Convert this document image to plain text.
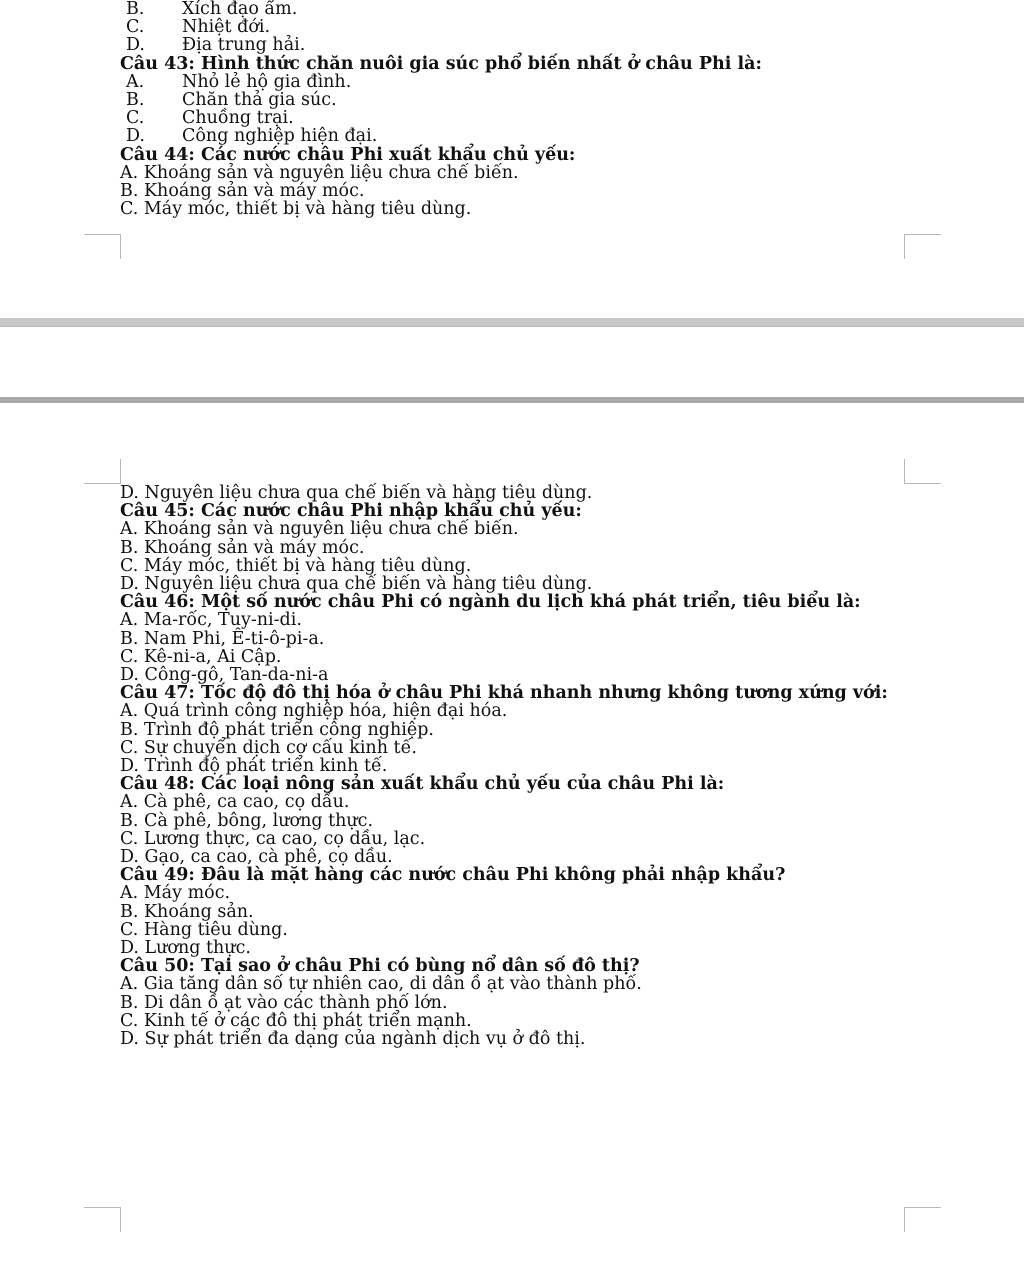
B. Xích đạo ẩm.
C. Nhiệt đới.
D. Địa trung hải.
Câu 43: Hình thức chăn nuôi gia súc phổ biến nhất ở châu Phi là:
A. Nhỏ lẻ hộ gia đình.
B. Chăn thả gia súc.
C. Chuồng trại.
D. Công nghiệp hiện đại.
Câu 44: Các nước châu Phi xuất khẩu chủ yếu:
A. Khoáng sản và nguyên liệu chưa chế biến.
B. Khoáng sản và máy móc.
C. Máy móc, thiết bị và hàng tiêu dùng.
D. Nguyên liệu chưa qua chế biến và hàng tiêu dùng.
Câu 45: Các nước châu Phi nhập khẩu chủ yếu:
A. Khoáng sản và nguyên liệu chưa chế biến.
B. Khoáng sản và máy móc.
C. Máy móc, thiết bị và hàng tiêu dùng.
D. Nguyên liệu chưa qua chế biến và hàng tiêu dùng.
Câu 46: Một số nước châu Phi có ngành du lịch khá phát triển, tiêu biểu là:
A. Ma-rốc, Tuy-ni-di.
B. Nam Phi, Ê-ti-ô-pi-a.
C. Kê-ni-a, Ai Cập.
D. Công-gô, Tan-da-ni-a
Câu 47: Tốc độ đô thị hóa ở châu Phi khá nhanh nhưng không tương xứng với:
A. Quá trình công nghiệp hóa, hiện đại hóa.
B. Trình độ phát triển công nghiệp.
C. Sự chuyển dịch cơ cấu kinh tế.
D. Trình độ phát triển kinh tế.
Câu 48: Các loại nông sản xuất khẩu chủ yếu của châu Phi là:
A. Cà phê, ca cao, cọ dầu.
B. Cà phê, bông, lương thực.
C. Lương thực, ca cao, cọ dầu, lạc.
D. Gạo, ca cao, cà phê, cọ dầu.
Câu 49: Đâu là mặt hàng các nước châu Phi không phải nhập khẩu?
A. Máy móc.
B. Khoáng sản.
C. Hàng tiêu dùng.
D. Lương thực.
Câu 50: Tại sao ở châu Phi có bùng nổ dân số đô thị?
A. Gia tăng dân số tự nhiên cao, di dân ồ ạt vào thành phố.
B. Di dân ồ ạt vào các thành phố lớn.
C. Kinh tế ở các đô thị phát triển mạnh.
D. Sự phát triển đa dạng của ngành dịch vụ ở đô thị.
